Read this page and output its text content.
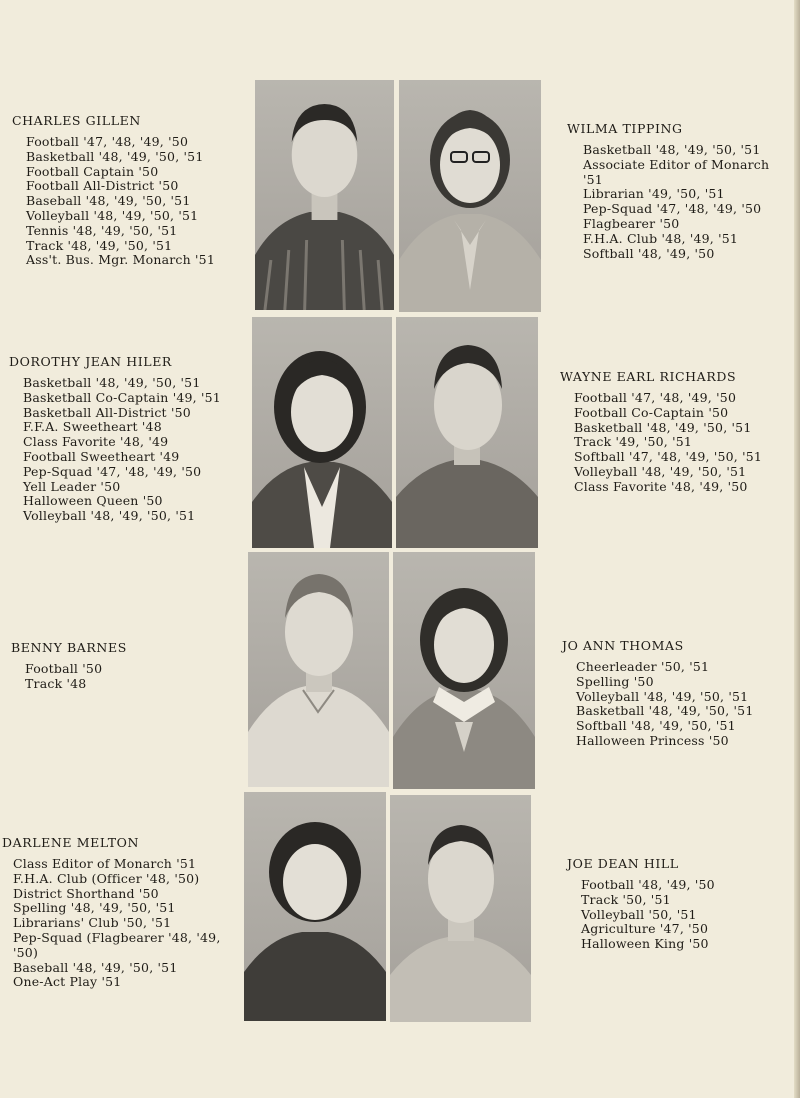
CHARLES GILLEN
Football '47, '48, '49, '50
Basketball '48, '49, '50, '51
Football Captain '50
Football All-District '50
Baseball '48, '49, '50, '51
Volleyball '48, '49, '50, '51
Tennis '48, '49, '50, '51
Track '48, '49, '50, '51
Ass't. Bus. Mgr. Monarch '51
WILMA TIPPING
Basketball '48, '49, '50, '51
Associate Editor of Monarch
'51
Librarian '49, '50, '51
Pep-Squad '47, '48, '49, '50
Flagbearer '50
F.H.A. Club '48, '49, '51
Softball '48, '49, '50
DOROTHY JEAN HILER
Basketball '48, '49, '50, '51
Basketball Co-Captain '49, '51
Basketball All-District '50
F.F.A. Sweetheart '48
Class Favorite '48, '49
Football Sweetheart '49
Pep-Squad '47, '48, '49, '50
Yell Leader '50
Halloween Queen '50
Volleyball '48, '49, '50, '51
WAYNE EARL RICHARDS
Football '47, '48, '49, '50
Football Co-Captain '50
Basketball '48, '49, '50, '51
Track '49, '50, '51
Softball '47, '48, '49, '50, '51
Volleyball '48, '49, '50, '51
Class Favorite '48, '49, '50
BENNY BARNES
Football '50
Track '48
JO ANN THOMAS
Cheerleader '50, '51
Spelling '50
Volleyball '48, '49, '50, '51
Basketball '48, '49, '50, '51
Softball '48, '49, '50, '51
Halloween Princess '50
DARLENE MELTON
Class Editor of Monarch '51
F.H.A. Club (Officer '48, '50)
District Shorthand '50
Spelling '48, '49, '50, '51
Librarians' Club '50, '51
Pep-Squad (Flagbearer '48, '49,
'50)
Baseball '48, '49, '50, '51
One-Act Play '51
JOE DEAN HILL
Football '48, '49, '50
Track '50, '51
Volleyball '50, '51
Agriculture '47, '50
Halloween King '50
